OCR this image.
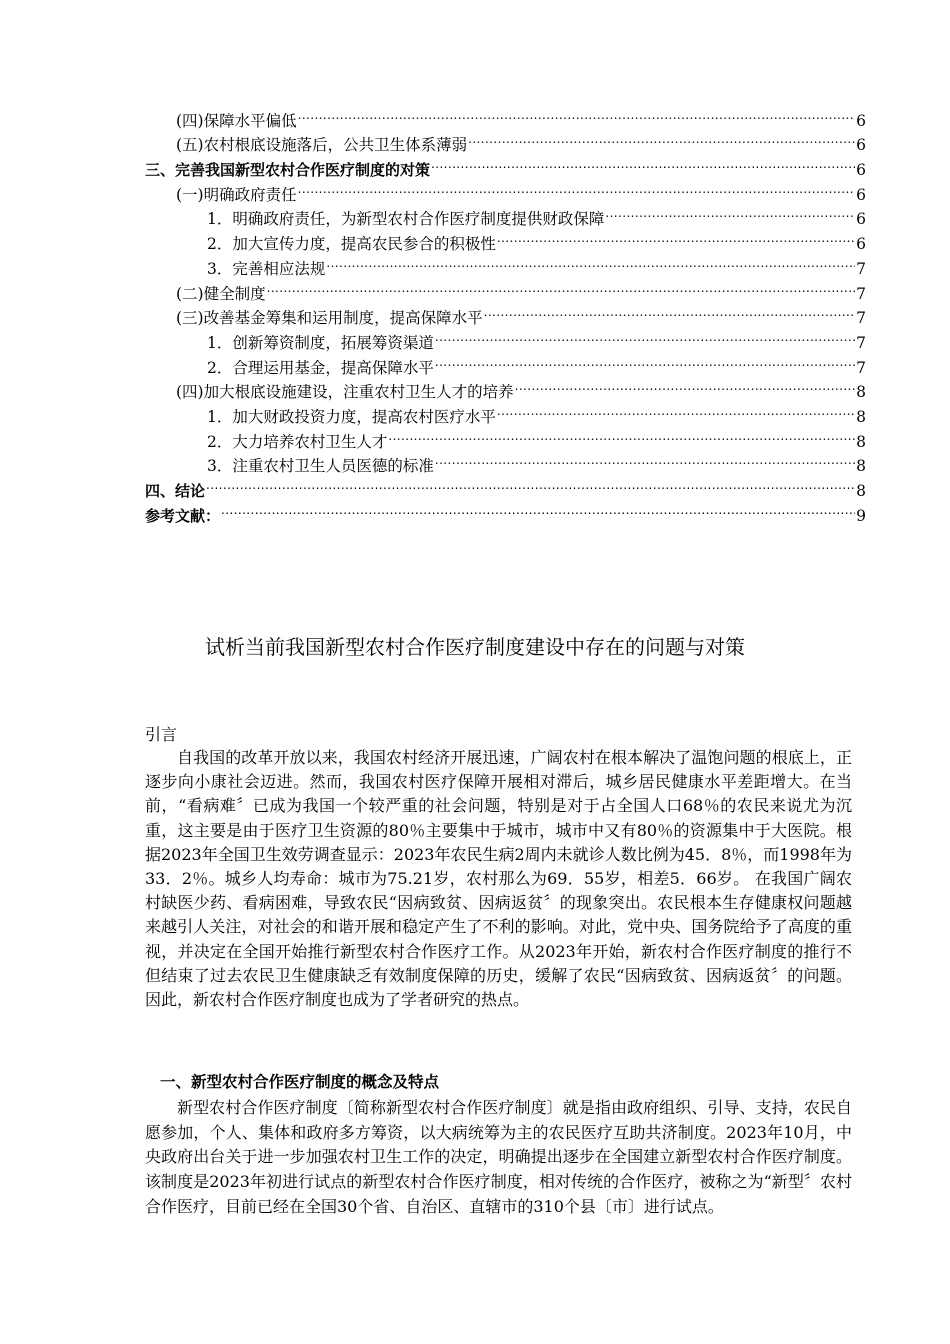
(四)保障水平偏低 .....	6
(五)农村根底设施落后，公共卫生体系薄弱 .....	6
三、完善我国新型农村合作医疗制度的对策 .....	6
(一)明确政府责任 .....	6
1．明确政府责任，为新型农村合作医疗制度提供财政保障 .....	6
2．加大宣传力度，提高农民参合的积极性 .....	6
3．完善相应法规 .....	7
(二)健全制度 .....	7
(三)改善基金筹集和运用制度，提高保障水平 .....	7
1．创新筹资制度，拓展筹资渠道 .....	7
2．合理运用基金，提高保障水平 .....	7
(四)加大根底设施建设，注重农村卫生人才的培养 .....	8
1．加大财政投资力度，提高农村医疗水平 .....	8
2．大力培养农村卫生人才 .....	8
3．注重农村卫生人员医德的标准 .....	8
四、结论 .....	8
参考文献： .....	9
试析当前我国新型农村合作医疗制度建设中存在的问题与对策
引言

自我国的改革开放以来，我国农村经济开展迅速，广阔农村在根本解决了温饱问题的根底上，正逐步向小康社会迈进。然而，我国农村医疗保障开展相对滞后，城乡居民健康水平差距增大。在当前，“看病难〞已成为我国一个较严重的社会问题，特别是对于占全国人口68％的农民来说尤为沉重，这主要是由于医疗卫生资源的80％主要集中于城市，城市中又有80％的资源集中于大医院。根据2023年全国卫生效劳调查显示：2023年农民生病2周内未就诊人数比例为45．8％，而1998年为33．2％。城乡人均寿命：城市为75.21岁，农村那么为69．55岁，相差5．66岁。 在我国广阔农村缺医少药、看病困难，导致农民“因病致贫、因病返贫〞的现象突出。农民根本生存健康权问题越来越引人关注，对社会的和谐开展和稳定产生了不利的影响。对此，党中央、国务院给予了高度的重视，并决定在全国开始推行新型农村合作医疗工作。从2023年开始，新农村合作医疗制度的推行不但结束了过去农民卫生健康缺乏有效制度保障的历史，缓解了农民“因病致贫、因病返贫〞的问题。因此，新农村合作医疗制度也成为了学者研究的热点。

一、新型农村合作医疗制度的概念及特点

新型农村合作医疗制度〔简称新型农村合作医疗制度〕就是指由政府组织、引导、支持，农民自愿参加，个人、集体和政府多方筹资，以大病统筹为主的农民医疗互助共济制度。2023年10月，中央政府出台关于进一步加强农村卫生工作的决定，明确提出逐步在全国建立新型农村合作医疗制度。该制度是2023年初进行试点的新型农村合作医疗制度，相对传统的合作医疗，被称之为“新型〞农村合作医疗，目前已经在全国30个省、自治区、直辖市的310个县〔市〕进行试点。
